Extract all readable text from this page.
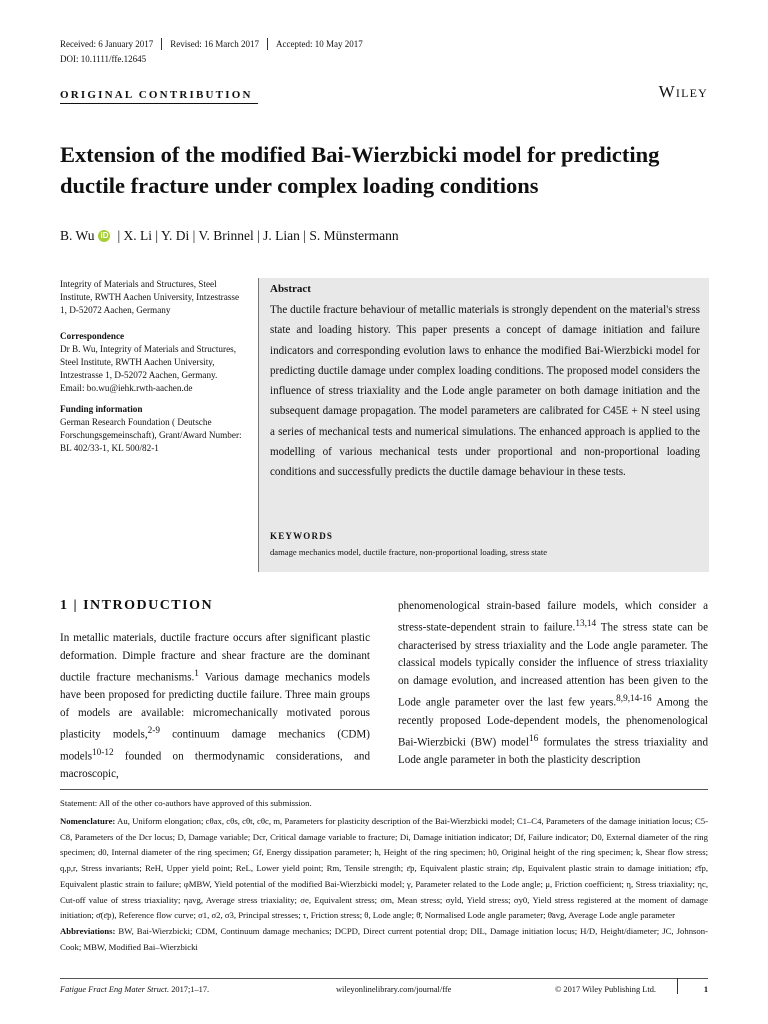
Received: 6 January 2017	Revised: 16 March 2017	Accepted: 10 May 2017
DOI: 10.1111/ffe.12645
ORIGINAL CONTRIBUTION	Wiley
Extension of the modified Bai-Wierzbicki model for predicting ductile fracture under complex loading conditions
B. Wu iD | X. Li | Y. Di | V. Brinnel | J. Lian | S. Münstermann

Integrity of Materials and Structures, Steel Institute, RWTH Aachen University, Intzestrasse 1, D-52072 Aachen, Germany

Correspondence

Dr B. Wu, Integrity of Materials and Structures, Steel Institute, RWTH Aachen University, Intzestrasse 1, D-52072 Aachen, Germany.

Email: bo.wu@iehk.rwth-aachen.de

Funding information

German Research Foundation ( Deutsche Forschungsgemeinschaft), Grant/Award Number: BL 402/33-1, KL 500/82-1

Abstract
The ductile fracture behaviour of metallic materials is strongly dependent on the material's stress state and loading history. This paper presents a concept of damage initiation and failure indicators and corresponding evolution laws to enhance the modified Bai-Wierzbicki model for predicting ductile damage under complex loading conditions. The proposed model considers the influence of stress triaxiality and the Lode angle parameter on both damage initiation and the subsequent damage propagation. The model parameters are calibrated for C45E + N steel using a series of mechanical tests and numerical simulations. The enhanced approach is applied to the modelling of various mechanical tests under proportional and non-proportional loading conditions and successfully predicts the ductile damage behaviour in these tests.
KEYWORDS
damage mechanics model, ductile fracture, non-proportional loading, stress state
1 | INTRODUCTION

In metallic materials, ductile fracture occurs after significant plastic deformation. Dimple fracture and shear fracture are the dominant ductile fracture mechanisms.$^1$ Various damage mechanics models have been proposed for predicting ductile failure. Three main groups of models are available: micromechanically motivated porous plasticity models,$^{2-9}$ continuum damage mechanics (CDM) models$^{10-12}$ founded on thermodynamic considerations, and macroscopic,

phenomenological strain-based failure models, which consider a stress-state-dependent strain to failure.$^{13,14}$ The stress state can be characterised by stress triaxiality and the Lode angle parameter. The classical models typically consider the influence of stress triaxiality on damage evolution, and increased attention has been given to the Lode angle parameter over the last few years.$^{8,9,14-16}$ Among the recently proposed Lode-dependent models, the phenomenological Bai-Wierzbicki (BW) model$^{16}$ formulates the stress triaxiality and Lode angle parameter in both the plasticity description

Statement: All of the other co-authors have approved of this submission.

Nomenclature: Au, Uniform elongation; cθax, cθs, cθt, cθc, m, Parameters for plasticity description of the Bai-Wierzbicki model; C1–C4, Parameters of the damage initiation locus; C5-C8, Parameters of the Dcr locus; D, Damage variable; Dcr, Critical damage variable to fracture; Di, Damage initiation indicator; Df, Failure indicator; D0, External diameter of the ring specimen; d0, Internal diameter of the ring specimen; Gf, Energy dissipation parameter; h, Height of the ring specimen; h0, Original height of the ring specimen; k, Shear flow stress; q,p,r, Stress invariants; ReH, Upper yield point; ReL, Lower yield point; Rm, Tensile strength; ε̄p, Equivalent plastic strain; ε̄ip, Equivalent plastic strain to damage initiation; ε̄fp, Equivalent plastic strain to failure; φMBW, Yield potential of the modified Bai-Wierzbicki model; γ, Parameter related to the Lode angle; μ, Friction coefficient; η, Stress triaxiality; ηc, Cut-off value of stress triaxiality; ηavg, Average stress triaxiality; σe, Equivalent stress; σm, Mean stress; σyld, Yield stress; σy0, Yield stress registered at the moment of damage initiation; σ̄(ε̄p), Reference flow curve; σ1, σ2, σ3, Principal stresses; τ, Friction stress; θ, Lode angle; θ̄, Normalised Lode angle parameter; θ̄avg, Average Lode angle parameter

Abbreviations: BW, Bai-Wierzbicki; CDM, Continuum damage mechanics; DCPD, Direct current potential drop; DIL, Damage initiation locus; H/D, Height/diameter; JC, Johnson-Cook; MBW, Modified Bai–Wierzbicki

Fatigue Fract Eng Mater Struct. 2017;1–17.	wileyonlinelibrary.com/journal/ffe	© 2017 Wiley Publishing Ltd.	1
